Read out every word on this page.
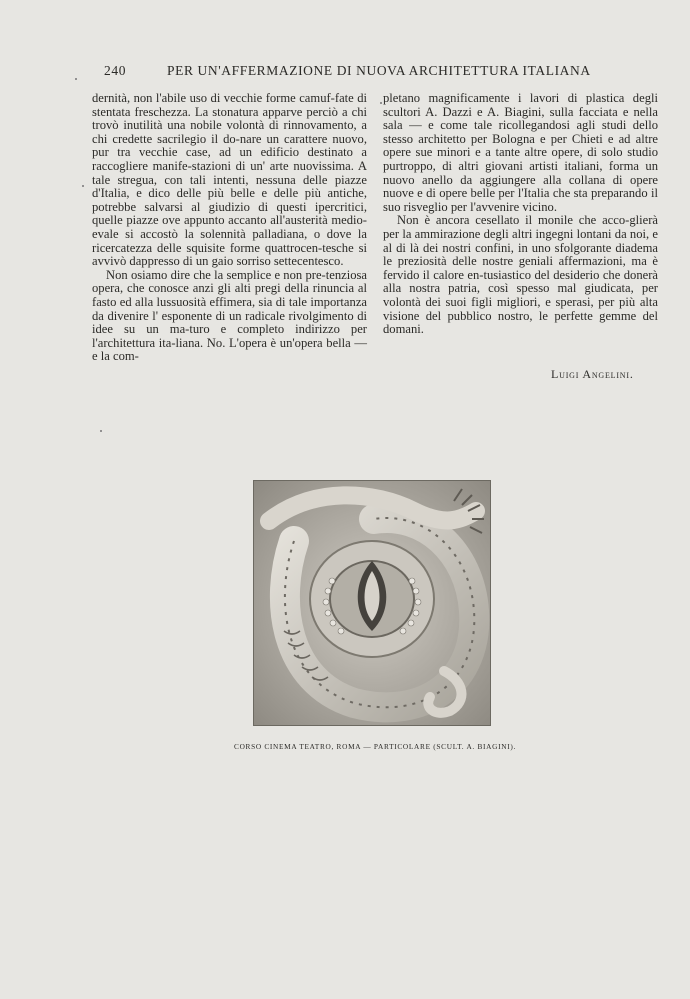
240	PER UN'AFFERMAZIONE DI NUOVA ARCHITETTURA ITALIANA

dernità, non l'abile uso di vecchie forme camuf-fate di stentata freschezza. La stonatura apparve perciò a chi trovò inutilità una nobile volontà di rinnovamento, a chi credette sacrilegio il do-nare un carattere nuovo, pur tra vecchie case, ad un edificio destinato a raccogliere manife-stazioni di un' arte nuovissima. A tale stregua, con tali intenti, nessuna delle piazze d'Italia, e dico delle più belle e delle più antiche, potrebbe salvarsi al giudizio di questi ipercritici, quelle piazze ove appunto accanto all'austerità medio-evale si accostò la solennità palladiana, o dove la ricercatezza delle squisite forme quattrocen-tesche si avvivò dappresso di un gaio sorriso settecentesco.

Non osiamo dire che la semplice e non pre-tenziosa opera, che conosce anzi gli alti pregi della rinuncia al fasto ed alla lussuosità effimera, sia di tale importanza da divenire l' esponente di un radicale rivolgimento di idee su un ma-turo e completo indirizzo per l'architettura ita-liana. No. L'opera è un'opera bella — e la com-

pletano magnificamente i lavori di plastica degli scultori A. Dazzi e A. Biagini, sulla facciata e nella sala — e come tale ricollegandosi agli studi dello stesso architetto per Bologna e per Chieti e ad altre opere sue minori e a tante altre opere, di solo studio purtroppo, di altri giovani artisti italiani, forma un nuovo anello da aggiungere alla collana di opere nuove e di opere belle per l'Italia che sta preparando il suo risveglio per l'avvenire vicino.

Non è ancora cesellato il monile che acco-glierà per la ammirazione degli altri ingegni lontani da noi, e al di là dei nostri confini, in uno sfolgorante diadema le preziosità delle nostre geniali affermazioni, ma è fervido il calore en-tusiastico del desiderio che donerà alla nostra patria, così spesso mal giudicata, per volontà dei suoi figli migliori, e sperasi, per più alta visione del pubblico nostro, le perfette gemme del domani.

Luigi Angelini.
CORSO CINEMA TEATRO, ROMA — PARTICOLARE (SCULT. A. BIAGINI).
